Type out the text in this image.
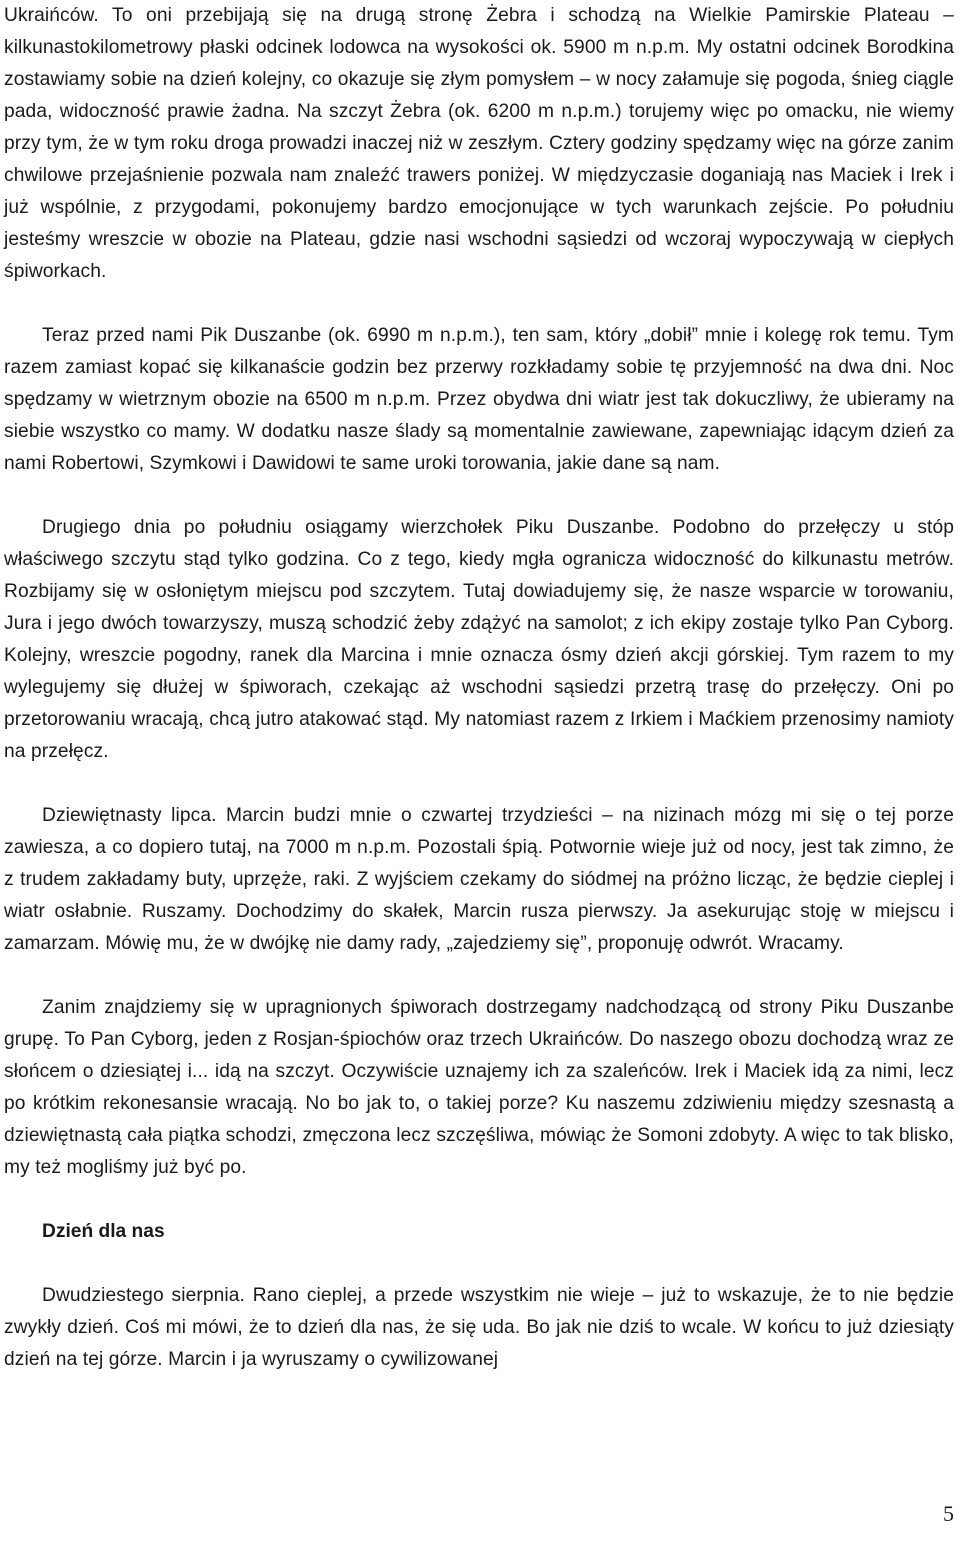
Ukraińców. To oni przebijają się na drugą stronę Żebra i schodzą na Wielkie Pamirskie Plateau – kilkunastokilometrowy płaski odcinek lodowca na wysokości ok. 5900 m n.p.m. My ostatni odcinek Borodkina zostawiamy sobie na dzień kolejny, co okazuje się złym pomysłem – w nocy załamuje się pogoda, śnieg ciągle pada, widoczność prawie żadna. Na szczyt Żebra (ok. 6200 m n.p.m.) torujemy więc po omacku, nie wiemy przy tym, że w tym roku droga prowadzi inaczej niż w zeszłym. Cztery godziny spędzamy więc na górze zanim chwilowe przejaśnienie pozwala nam znaleźć trawers poniżej. W międzyczasie doganiają nas Maciek i Irek i już wspólnie, z przygodami, pokonujemy bardzo emocjonujące w tych warunkach zejście. Po południu jesteśmy wreszcie w obozie na Plateau, gdzie nasi wschodni sąsiedzi od wczoraj wypoczywają w ciepłych śpiworkach.

Teraz przed nami Pik Duszanbe (ok. 6990 m n.p.m.), ten sam, który „dobił” mnie i kolegę rok temu. Tym razem zamiast kopać się kilkanaście godzin bez przerwy rozkładamy sobie tę przyjemność na dwa dni. Noc spędzamy w wietrznym obozie na 6500 m n.p.m. Przez obydwa dni wiatr jest tak dokuczliwy, że ubieramy na siebie wszystko co mamy. W dodatku nasze ślady są momentalnie zawiewane, zapewniając idącym dzień za nami Robertowi, Szymkowi i Dawidowi te same uroki torowania, jakie dane są nam.

Drugiego dnia po południu osiągamy wierzchołek Piku Duszanbe. Podobno do przełęczy u stóp właściwego szczytu stąd tylko godzina. Co z tego, kiedy mgła ogranicza widoczność do kilkunastu metrów. Rozbijamy się w osłoniętym miejscu pod szczytem. Tutaj dowiadujemy się, że nasze wsparcie w torowaniu, Jura i jego dwóch towarzyszy, muszą schodzić żeby zdążyć na samolot; z ich ekipy zostaje tylko Pan Cyborg. Kolejny, wreszcie pogodny, ranek dla Marcina i mnie oznacza ósmy dzień akcji górskiej. Tym razem to my wylegujemy się dłużej w śpiworach, czekając aż wschodni sąsiedzi przetrą trasę do przełęczy. Oni po przetorowaniu wracają, chcą jutro atakować stąd. My natomiast razem z Irkiem i Maćkiem przenosimy namioty na przełęcz.

Dziewiętnasty lipca. Marcin budzi mnie o czwartej trzydzieści – na nizinach mózg mi się o tej porze zawiesza, a co dopiero tutaj, na 7000 m n.p.m. Pozostali śpią. Potwornie wieje już od nocy, jest tak zimno, że z trudem zakładamy buty, uprzęże, raki. Z wyjściem czekamy do siódmej na próżno licząc, że będzie cieplej i wiatr osłabnie. Ruszamy. Dochodzimy do skałek, Marcin rusza pierwszy. Ja asekurując stoję w miejscu i zamarzam. Mówię mu, że w dwójkę nie damy rady, „zajedziemy się”, proponuję odwrót. Wracamy.

Zanim znajdziemy się w upragnionych śpiworach dostrzegamy nadchodzącą od strony Piku Duszanbe grupę. To Pan Cyborg, jeden z Rosjan-śpiochów oraz trzech Ukraińców. Do naszego obozu dochodzą wraz ze słońcem o dziesiątej i... idą na szczyt. Oczywiście uznajemy ich za szaleńców. Irek i Maciek idą za nimi, lecz po krótkim rekonesansie wracają. No bo jak to, o takiej porze? Ku naszemu zdziwieniu między szesnastą a dziewiętnastą cała piątka schodzi, zmęczona lecz szczęśliwa, mówiąc że Somoni zdobyty. A więc to tak blisko, my też mogliśmy już być po.

Dzień dla nas

Dwudziestego sierpnia. Rano cieplej, a przede wszystkim nie wieje – już to wskazuje, że to nie będzie zwykły dzień. Coś mi mówi, że to dzień dla nas, że się uda. Bo jak nie dziś to wcale. W końcu to już dziesiąty dzień na tej górze. Marcin i ja wyruszamy o cywilizowanej

5
